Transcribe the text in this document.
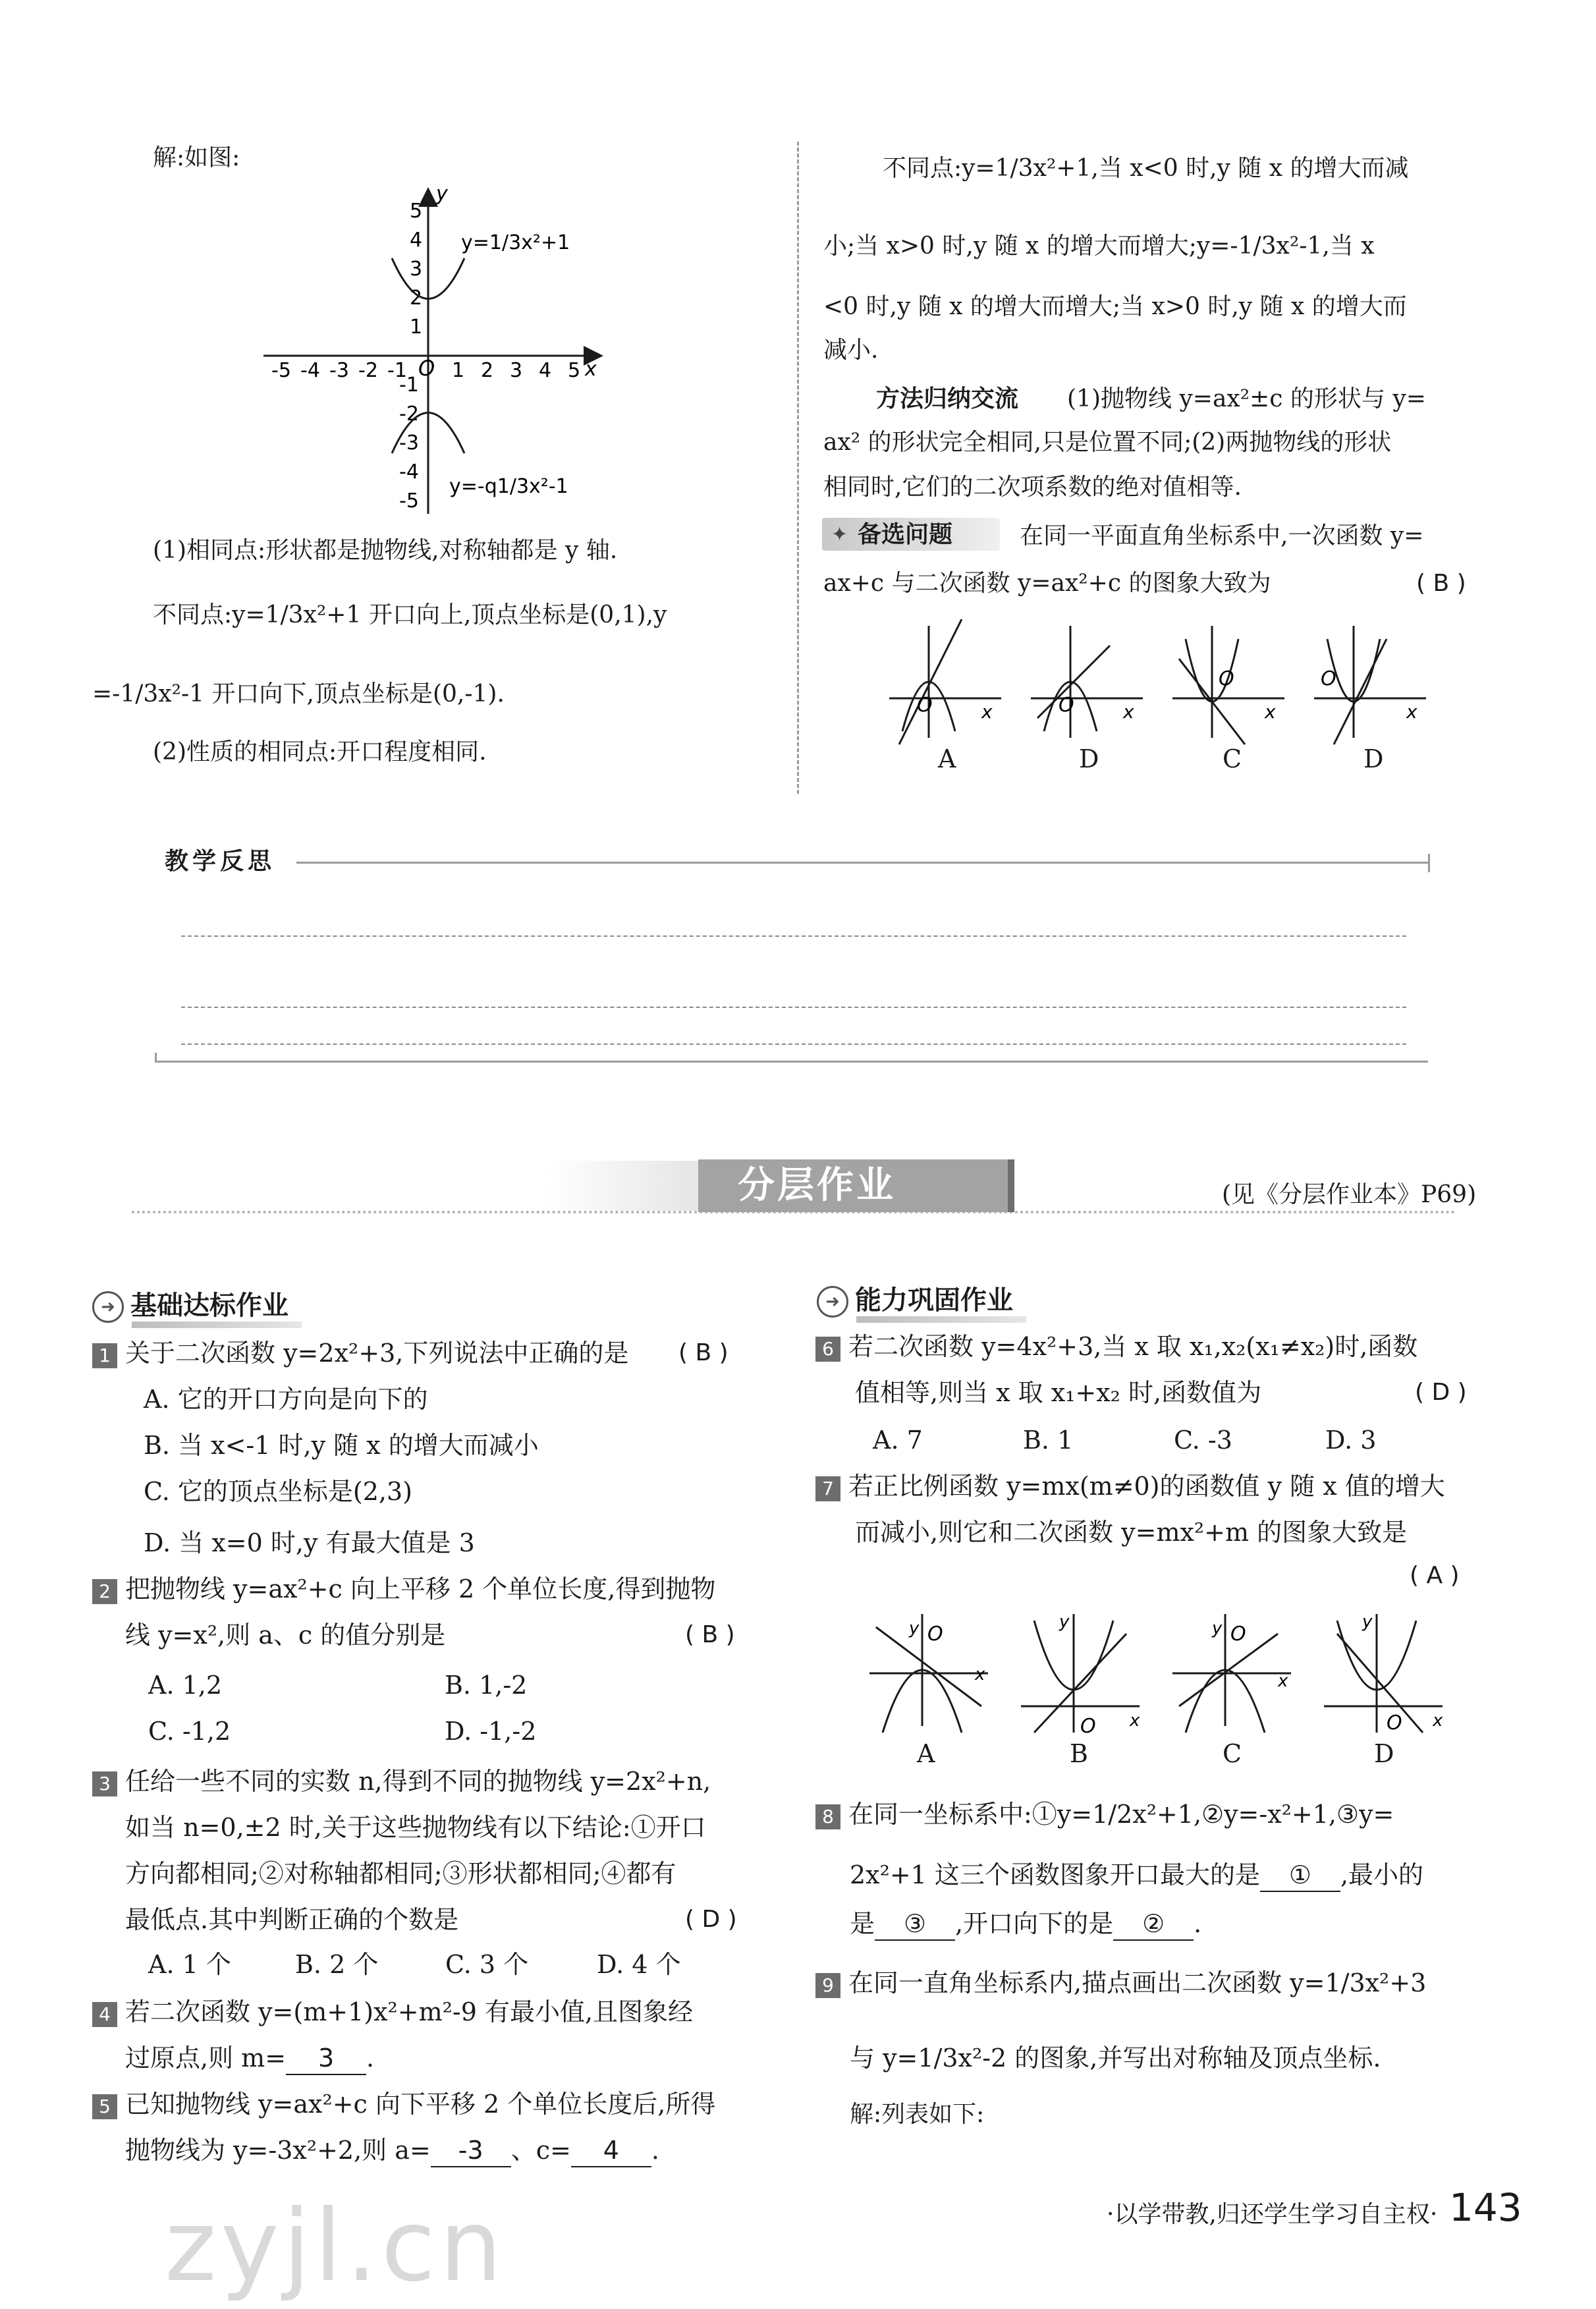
解:如图:
-5 -4 -3 -2 -1 1 2 3 4 5
5
4
3
2
1
-1
-2
-3
-4
-5
O
y
x
y=1/3x²+1
y=-q1/3x²-1
(1)相同点:形状都是抛物线,对称轴都是 y 轴.
不同点:y=1/3x²+1 开口向上,顶点坐标是(0,1),y
=-1/3x²-1 开口向下,顶点坐标是(0,-1).
(2)性质的相同点:开口程度相同.
不同点:y=1/3x²+1,当 x<0 时,y 随 x 的增大而减
小;当 x>0 时,y 随 x 的增大而增大;y=-1/3x²-1,当 x
<0 时,y 随 x 的增大而增大;当 x>0 时,y 随 x 的增大而
减小.
方法归纳交流 (1)抛物线 y=ax²±c 的形状与 y=
ax² 的形状完全相同,只是位置不同;(2)两抛物线的形状
相同时,它们的二次项系数的绝对值相等.
✦ 备选问题	在同一平面直角坐标系中,一次函数 y=
ax+c 与二次函数 y=ax²+c 的图象大致为	( B )
O	x	O	x
O
x
O
x
A	D	C	D
教学反思
分层作业	(见《分层作业本》P69)
➜ 基础达标作业
1 关于二次函数 y=2x²+3,下列说法中正确的是 ( B )
A. 它的开口方向是向下的
B. 当 x<-1 时,y 随 x 的增大而减小
C. 它的顶点坐标是(2,3)
D. 当 x=0 时,y 有最大值是 3
2 把抛物线 y=ax²+c 向上平移 2 个单位长度,得到抛物
线 y=x²,则 a、c 的值分别是	( B )
A. 1,2	B. 1,-2
C. -1,2	D. -1,-2
3 任给一些不同的实数 n,得到不同的抛物线 y=2x²+n,
如当 n=0,±2 时,关于这些抛物线有以下结论:①开口
方向都相同;②对称轴都相同;③形状都相同;④都有
最低点.其中判断正确的个数是	( D )
A. 1 个	B. 2 个	C. 3 个	D. 4 个
4 若二次函数 y=(m+1)x²+m²-9 有最小值,且图象经
过原点,则 m= 3 .
5 已知抛物线 y=ax²+c 向下平移 2 个单位长度后,所得
抛物线为 y=-3x²+2,则 a= -3 、c= 4 .
➜ 能力巩固作业
6 若二次函数 y=4x²+3,当 x 取 x₁,x₂(x₁≠x₂)时,函数
值相等,则当 x 取 x₁+x₂ 时,函数值为	( D )
A. 7	B. 1	C. -3	D. 3
7 若正比例函数 y=mx(m≠0)的函数值 y 随 x 值的增大
而减小,则它和二次函数 y=mx²+m 的图象大致是
( A )
O
y
x
O
y
x
O
y
x
O
y
x
A	B	C	D
8 在同一坐标系中:①y=1/2x²+1,②y=-x²+1,③y=
2x²+1 这三个函数图象开口最大的是 ① ,最小的
是 ③ ,开口向下的是 ② .
9 在同一直角坐标系内,描点画出二次函数 y=1/3x²+3
与 y=1/3x²-2 的图象,并写出对称轴及顶点坐标.
解:列表如下:
zyjl.cn	·以学带教,归还学生学习自主权· 143
